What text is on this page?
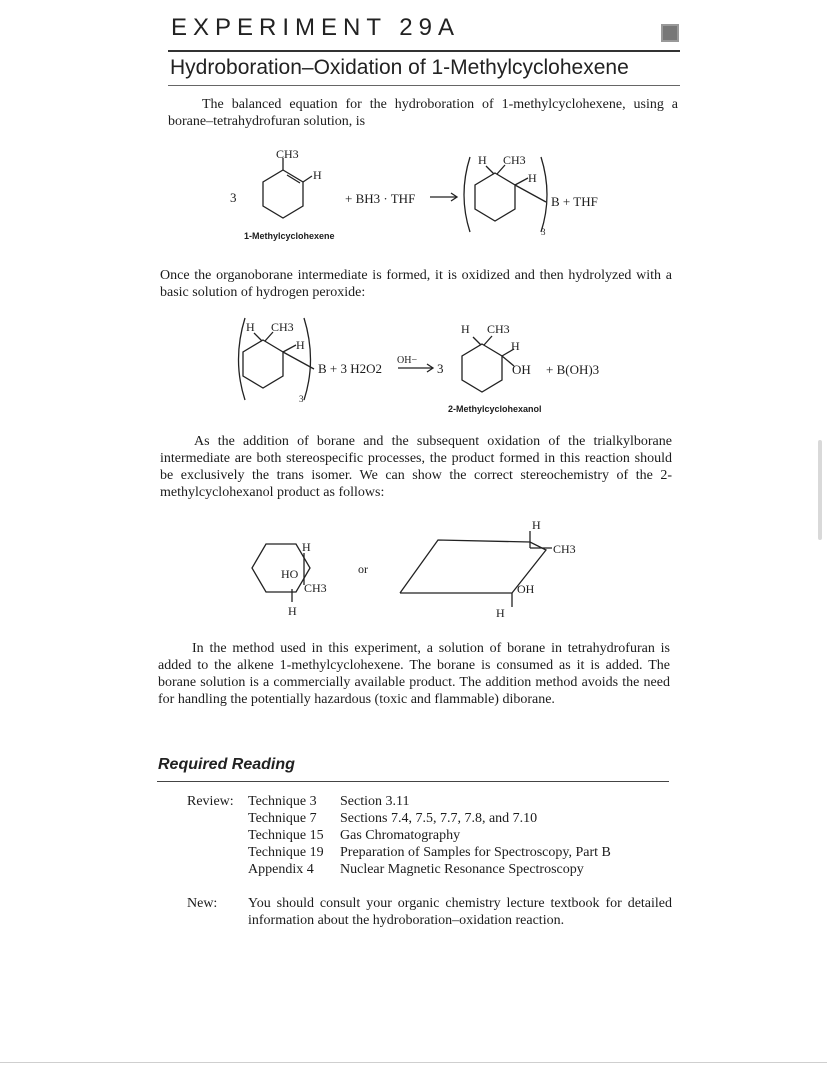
EXPERIMENT 29A
Hydroboration–Oxidation of 1-Methylcyclohexene
The balanced equation for the hydroboration of 1-methylcyclohexene, using a borane–tetrahydrofuran solution, is
3
CH3
H
+ BH3 · THF
H CH3
H
B + THF
3
1-Methylcyclohexene
H CH3
H
B + 3 H2O2
OH−
3
3
H CH3
H
OH + B(OH)3
2-Methylcyclohexanol
H
HO
CH3
H
or
H
CH3
OH
H
Once the organoborane intermediate is formed, it is oxidized and then hydrolyzed with a basic solution of hydrogen peroxide:
As the addition of borane and the subsequent oxidation of the trialkylborane intermediate are both stereospecific processes, the product formed in this reaction should be exclusively the trans isomer. We can show the correct stereochemistry of the 2-methylcyclohexanol product as follows:
In the method used in this experiment, a solution of borane in tetrahydrofuran is added to the alkene 1-methylcyclohexene. The borane is consumed as it is added. The borane solution is a commercially available product. The addition method avoids the need for handling the potentially hazardous (toxic and flammable) diborane.
Required Reading
Review: Technique 3	Section 3.11
Technique 7	Sections 7.4, 7.5, 7.7, 7.8, and 7.10
Technique 15	Gas Chromatography
Technique 19	Preparation of Samples for Spectroscopy, Part B
Appendix 4	Nuclear Magnetic Resonance Spectroscopy
New: You should consult your organic chemistry lecture textbook for detailed information about the hydroboration–oxidation reaction.
